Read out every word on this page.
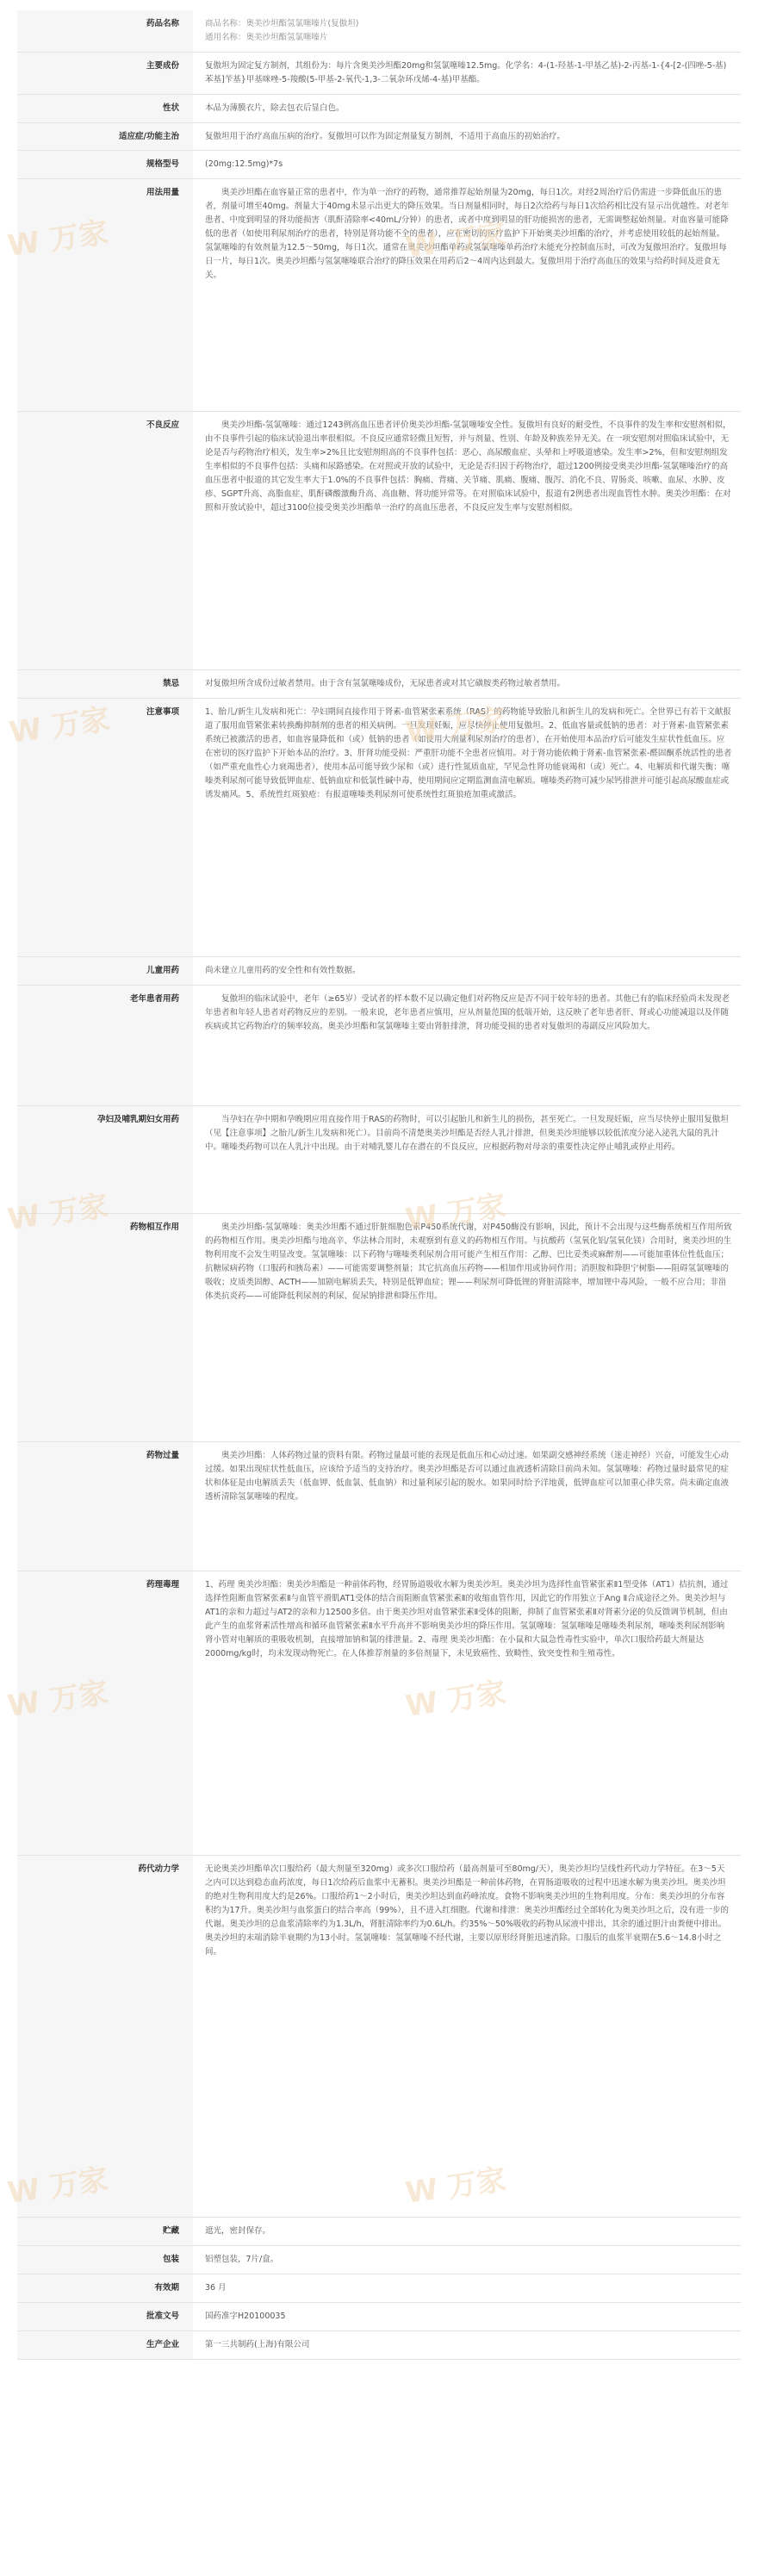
W 万家	W 万家
W 万家	W 万家
W 万家	W 万家
W 万家	W 万家
W 万家	W 万家
药品名称	商品名称：奥美沙坦酯氢氯噻嗪片(复傲坦)
通用名称：奥美沙坦酯氢氯噻嗪片

主要成份	复傲坦为固定复方制剂，其组份为：每片含奥美沙坦酯20mg和氢氯噻嗪12.5mg。化学名：4-(1-羟基-1-甲基乙基)-2-丙基-1-{4-[2-(四唑-5-基)苯基]苄基}甲基咪唑-5-羧酸(5-甲基-2-氧代-1,3-二氧杂环戊烯-4-基)甲基酯。
性状	本品为薄膜衣片，除去包衣后显白色。
适应症/功能主治	复傲坦用于治疗高血压病的治疗。复傲坦可以作为固定剂量复方制剂，不适用于高血压的初始治疗。
规格型号	(20mg:12.5mg)*7s
用法用量	奥美沙坦酯在血容量正常的患者中，作为单一治疗的药物，通常推荐起始剂量为20mg，每日1次。对经2周治疗后仍需进一步降低血压的患者，剂量可增至40mg。剂量大于40mg未显示出更大的降压效果。当日剂量相同时，每日2次给药与每日1次给药相比没有显示出优越性。对老年患者、中度到明显的肾功能损害（肌酐清除率<40mL/分钟）的患者，或者中度到明显的肝功能损害的患者，无需调整起始剂量。对血容量可能降低的患者（如使用利尿剂治疗的患者，特别是肾功能不全的患者），应在密切的医疗监护下开始奥美沙坦酯的治疗，并考虑使用较低的起始剂量。氢氯噻嗪的有效剂量为12.5～50mg，每日1次。通常在奥美沙坦酯单药或氢氯噻嗪单药治疗未能充分控制血压时，可改为复傲坦治疗。复傲坦每日一片，每日1次。奥美沙坦酯与氢氯噻嗪联合治疗的降压效果在用药后2～4周内达到最大。复傲坦用于治疗高血压的效果与给药时间及进食无关。
不良反应	奥美沙坦酯-氢氯噻嗪：通过1243例高血压患者评价奥美沙坦酯-氢氯噻嗪安全性。复傲坦有良好的耐受性，不良事件的发生率和安慰剂相似，由不良事件引起的临床试验退出率很相似。不良反应通常轻微且短暂，并与剂量、性别、年龄及种族差异无关。在一项安慰剂对照临床试验中，无论是否与药物治疗相关，发生率>2%且比安慰剂组高的不良事件包括：恶心、高尿酸血症、头晕和上呼吸道感染。发生率>2%，但和安慰剂组发生率相似的不良事件包括：头痛和尿路感染。在对照或开放的试验中，无论是否归因于药物治疗，超过1200例接受奥美沙坦酯-氢氯噻嗪治疗的高血压患者中报道的其它发生率大于1.0%的不良事件包括：胸痛、背痛、关节痛、肌痛、腹痛、腹泻、消化不良、胃肠炎、咳嗽、血尿、水肿、皮疹、SGPT升高、高脂血症、肌酐磷酸激酶升高、高血糖、肾功能异常等。在对照临床试验中，报道有2例患者出现血管性水肿。奥美沙坦酯：在对照和开放试验中，超过3100位接受奥美沙坦酯单一治疗的高血压患者，不良反应发生率与安慰剂相似。
禁忌	对复傲坦所含成份过敏者禁用。由于含有氢氯噻嗪成份，无尿患者或对其它磺胺类药物过敏者禁用。
注意事项	1、胎儿/新生儿发病和死亡：孕妇期间直接作用于肾素-血管紧张素系统（RAS）的药物能导致胎儿和新生儿的发病和死亡。全世界已有若干文献报道了服用血管紧张素转换酶抑制剂的患者的相关病例。一旦发现妊娠，应尽快停止使用复傲坦。2、低血容量或低钠的患者：对于肾素-血管紧张素系统已被激活的患者，如血容量降低和（或）低钠的患者（如使用大剂量利尿剂治疗的患者），在开始使用本品治疗后可能发生症状性低血压。应在密切的医疗监护下开始本品的治疗。3、肝肾功能受损：严重肝功能不全患者应慎用。对于肾功能依赖于肾素-血管紧张素-醛固酮系统活性的患者（如严重充血性心力衰竭患者），使用本品可能导致少尿和（或）进行性氮质血症，罕见急性肾功能衰竭和（或）死亡。4、电解质和代谢失衡：噻嗪类利尿剂可能导致低钾血症、低钠血症和低氯性碱中毒，使用期间应定期监测血清电解质。噻嗪类药物可减少尿钙排泄并可能引起高尿酸血症或诱发痛风。5、系统性红斑狼疮：有报道噻嗪类利尿剂可使系统性红斑狼疮加重或激活。
儿童用药	尚未建立儿童用药的安全性和有效性数据。
老年患者用药	复傲坦的临床试验中，老年（≥65岁）受试者的样本数不足以确定他们对药物反应是否不同于较年轻的患者。其他已有的临床经验尚未发现老年患者和年轻人患者对药物反应的差别。一般来说，老年患者应慎用，应从剂量范围的低端开始，这反映了老年患者肝、肾或心功能减退以及伴随疾病或其它药物治疗的频率较高。奥美沙坦酯和氢氯噻嗪主要由肾脏排泄，肾功能受损的患者对复傲坦的毒副反应风险加大。
孕妇及哺乳期妇女用药	当孕妇在孕中期和孕晚期应用直接作用于RAS的药物时，可以引起胎儿和新生儿的损伤，甚至死亡。一旦发现妊娠，应当尽快停止服用复傲坦（见【注意事项】之胎儿/新生儿发病和死亡）。目前尚不清楚奥美沙坦酯是否经人乳汁排泄，但奥美沙坦能够以较低浓度分泌入泌乳大鼠的乳汁中。噻嗪类药物可以在人乳汁中出现。由于对哺乳婴儿存在潜在的不良反应，应根据药物对母亲的重要性决定停止哺乳或停止用药。
药物相互作用	奥美沙坦酯-氢氯噻嗪：奥美沙坦酯不通过肝脏细胞色素P450系统代谢，对P450酶没有影响，因此，预计不会出现与这些酶系统相互作用所致的药物相互作用。奥美沙坦酯与地高辛、华法林合用时，未观察到有意义的药物相互作用。与抗酸药（氢氧化铝/氢氧化镁）合用时，奥美沙坦的生物利用度不会发生明显改变。氢氯噻嗪：以下药物与噻嗪类利尿剂合用可能产生相互作用：乙醇、巴比妥类或麻醉剂——可能加重体位性低血压；抗糖尿病药物（口服药和胰岛素）——可能需要调整剂量；其它抗高血压药物——相加作用或协同作用；消胆胺和降胆宁树脂——阻碍氢氯噻嗪的吸收；皮质类固醇、ACTH——加剧电解质丢失，特别是低钾血症；锂——利尿剂可降低锂的肾脏清除率，增加锂中毒风险，一般不应合用；非甾体类抗炎药——可能降低利尿剂的利尿、促尿钠排泄和降压作用。
药物过量	奥美沙坦酯：人体药物过量的资料有限。药物过量最可能的表现是低血压和心动过速。如果副交感神经系统（迷走神经）兴奋，可能发生心动过缓。如果出现症状性低血压，应该给予适当的支持治疗。奥美沙坦酯是否可以通过血液透析清除目前尚未知。氢氯噻嗪：药物过量时最常见的症状和体征是由电解质丢失（低血钾、低血氯、低血钠）和过量利尿引起的脱水。如果同时给予洋地黄，低钾血症可以加重心律失常。尚未确定血液透析清除氢氯噻嗪的程度。
药理毒理	1、药理 奥美沙坦酯：奥美沙坦酯是一种前体药物，经胃肠道吸收水解为奥美沙坦。奥美沙坦为选择性血管紧张素Ⅱ1型受体（AT1）拮抗剂，通过选择性阻断血管紧张素Ⅱ与血管平滑肌AT1受体的结合而阻断血管紧张素Ⅱ的收缩血管作用，因此它的作用独立于Ang Ⅱ合成途径之外。奥美沙坦与AT1的亲和力超过与AT2的亲和力12500多倍。由于奥美沙坦对血管紧张素Ⅱ受体的阻断，抑制了血管紧张素Ⅱ对肾素分泌的负反馈调节机制，但由此产生的血浆肾素活性增高和循环血管紧张素Ⅱ水平升高并不影响奥美沙坦的降压作用。氢氯噻嗪：氢氯噻嗪是噻嗪类利尿剂，噻嗪类利尿剂影响肾小管对电解质的重吸收机制，直接增加钠和氯的排泄量。2、毒理 奥美沙坦酯：在小鼠和大鼠急性毒性实验中，单次口服给药最大剂量达2000mg/kg时，均未发现动物死亡。在人体推荐剂量的多倍剂量下，未见致癌性、致畸性、致突变性和生殖毒性。
药代动力学	无论奥美沙坦酯单次口服给药（最大剂量至320mg）或多次口服给药（最高剂量可至80mg/天），奥美沙坦均呈线性药代动力学特征。在3～5天之内可以达到稳态血药浓度，每日1次给药后血浆中无蓄积。奥美沙坦酯是一种前体药物，在胃肠道吸收的过程中迅速水解为奥美沙坦。奥美沙坦的绝对生物利用度大约是26%。口服给药1～2小时后，奥美沙坦达到血药峰浓度。食物不影响奥美沙坦的生物利用度。分布：奥美沙坦的分布容积约为17升。奥美沙坦与血浆蛋白的结合率高（99%），且不进入红细胞。代谢和排泄：奥美沙坦酯经过全部转化为奥美沙坦之后，没有进一步的代谢。奥美沙坦的总血浆清除率约为1.3L/h，肾脏清除率约为0.6L/h。约35%～50%吸收的药物从尿液中排出，其余的通过胆汁由粪便中排出。奥美沙坦的末端消除半衰期约为13小时。氢氯噻嗪：氢氯噻嗪不经代谢，主要以原形经肾脏迅速消除。口服后的血浆半衰期在5.6～14.8小时之间。
贮藏	遮光，密封保存。
包装	铝塑包装，7片/盒。
有效期	36 月
批准文号	国药准字H20100035
生产企业	第一三共制药(上海)有限公司
